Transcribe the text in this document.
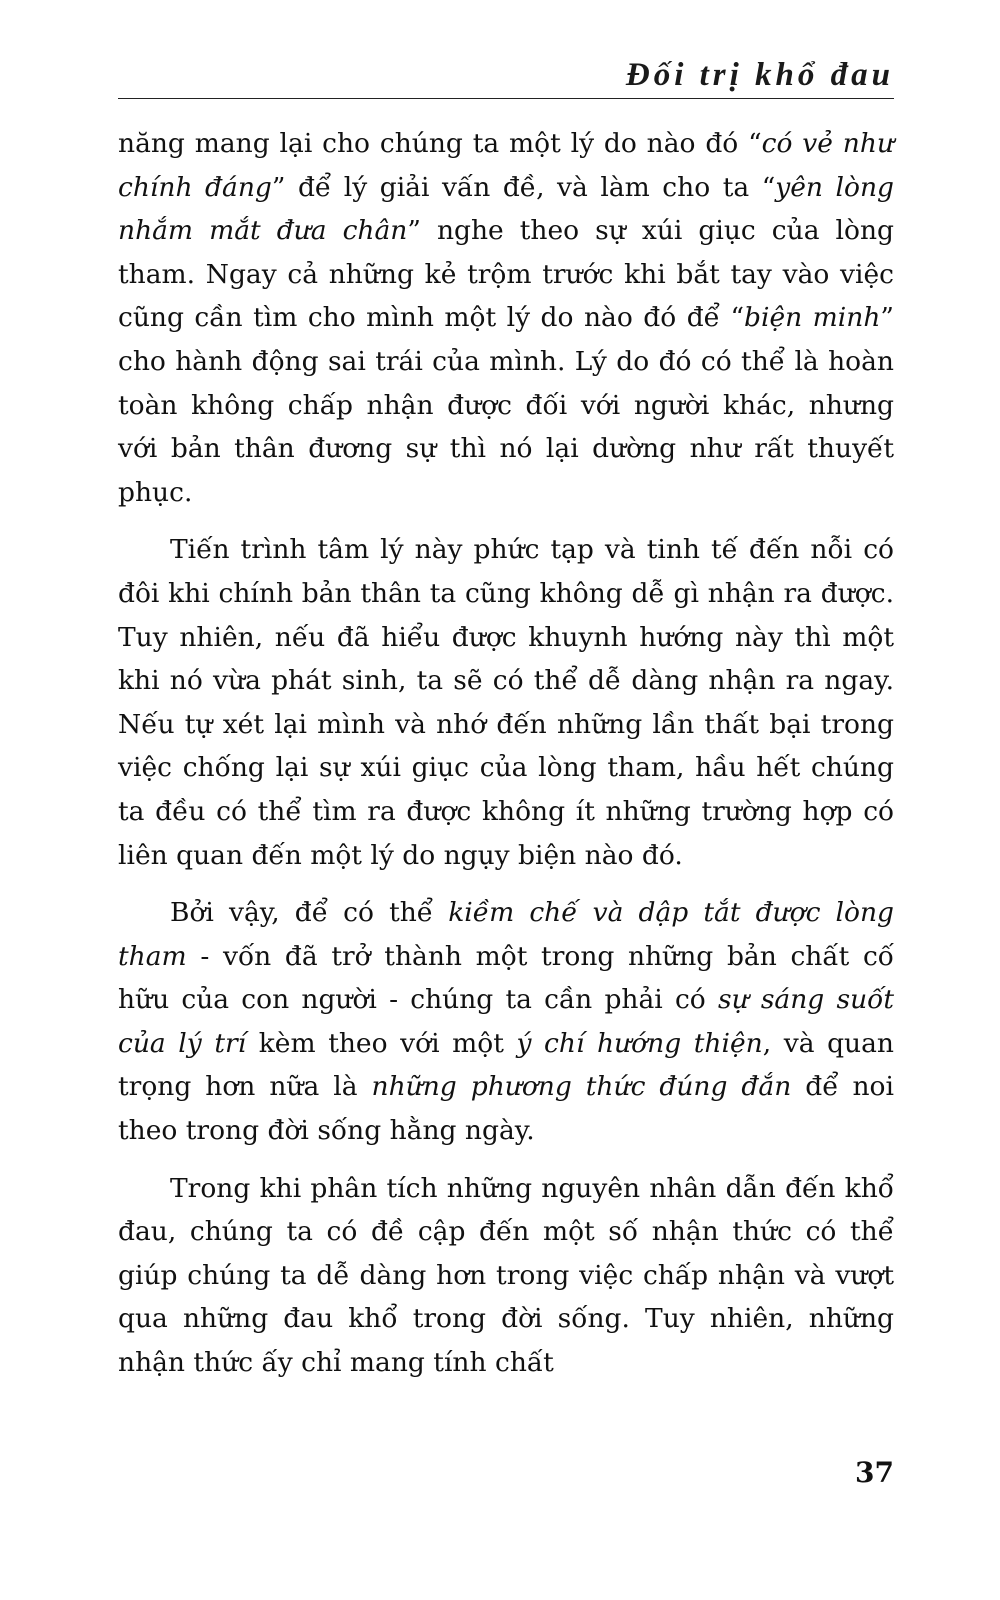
Đối trị khổ đau

năng mang lại cho chúng ta một lý do nào đó “có vẻ như chính đáng” để lý giải vấn đề, và làm cho ta “yên lòng nhắm mắt đưa chân” nghe theo sự xúi giục của lòng tham. Ngay cả những kẻ trộm trước khi bắt tay vào việc cũng cần tìm cho mình một lý do nào đó để “biện minh” cho hành động sai trái của mình. Lý do đó có thể là hoàn toàn không chấp nhận được đối với người khác, nhưng với bản thân đương sự thì nó lại dường như rất thuyết phục.

Tiến trình tâm lý này phức tạp và tinh tế đến nỗi có đôi khi chính bản thân ta cũng không dễ gì nhận ra được. Tuy nhiên, nếu đã hiểu được khuynh hướng này thì một khi nó vừa phát sinh, ta sẽ có thể dễ dàng nhận ra ngay. Nếu tự xét lại mình và nhớ đến những lần thất bại trong việc chống lại sự xúi giục của lòng tham, hầu hết chúng ta đều có thể tìm ra được không ít những trường hợp có liên quan đến một lý do ngụy biện nào đó.

Bởi vậy, để có thể kiềm chế và dập tắt được lòng tham - vốn đã trở thành một trong những bản chất cố hữu của con người - chúng ta cần phải có sự sáng suốt của lý trí kèm theo với một ý chí hướng thiện, và quan trọng hơn nữa là những phương thức đúng đắn để noi theo trong đời sống hằng ngày.

Trong khi phân tích những nguyên nhân dẫn đến khổ đau, chúng ta có đề cập đến một số nhận thức có thể giúp chúng ta dễ dàng hơn trong việc chấp nhận và vượt qua những đau khổ trong đời sống. Tuy nhiên, những nhận thức ấy chỉ mang tính chất

37
